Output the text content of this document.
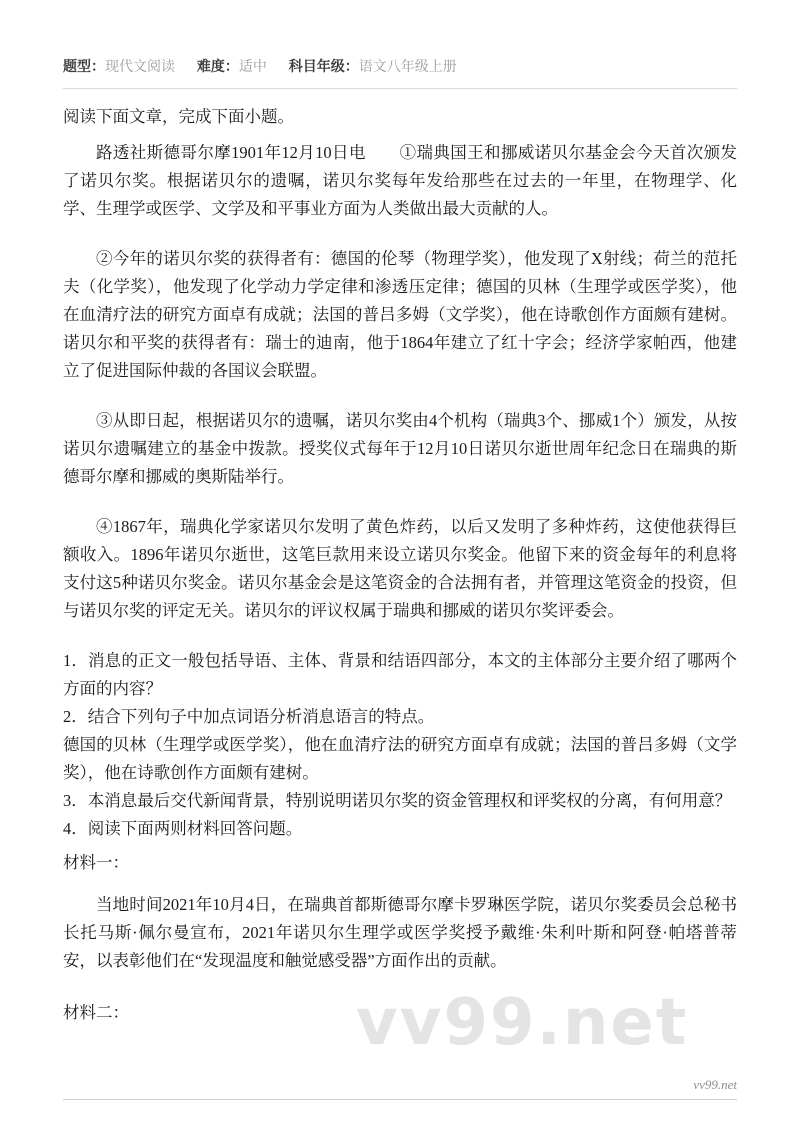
vv99.net
题型：现代文阅读 难度：适中 科目年级：语文八年级上册

阅读下面文章，完成下面小题。

路透社斯德哥尔摩1901年12月10日电　　①瑞典国王和挪威诺贝尔基金会今天首次颁发了诺贝尔奖。根据诺贝尔的遗嘱，诺贝尔奖每年发给那些在过去的一年里，在物理学、化学、生理学或医学、文学及和平事业方面为人类做出最大贡献的人。

②今年的诺贝尔奖的获得者有：德国的伦琴（物理学奖），他发现了X射线；荷兰的范托夫（化学奖），他发现了化学动力学定律和渗透压定律；德国的贝林（生理学或医学奖），他在血清疗法的研究方面卓有成就；法国的普吕多姆（文学奖），他在诗歌创作方面颇有建树。诺贝尔和平奖的获得者有：瑞士的迪南，他于1864年建立了红十字会；经济学家帕西，他建立了促进国际仲裁的各国议会联盟。

③从即日起，根据诺贝尔的遗嘱，诺贝尔奖由4个机构（瑞典3个、挪威1个）颁发，从按诺贝尔遗嘱建立的基金中拨款。授奖仪式每年于12月10日诺贝尔逝世周年纪念日在瑞典的斯德哥尔摩和挪威的奥斯陆举行。

④1867年，瑞典化学家诺贝尔发明了黄色炸药，以后又发明了多种炸药，这使他获得巨额收入。1896年诺贝尔逝世，这笔巨款用来设立诺贝尔奖金。他留下来的资金每年的利息将支付这5种诺贝尔奖金。诺贝尔基金会是这笔资金的合法拥有者，并管理这笔资金的投资，但与诺贝尔奖的评定无关。诺贝尔的评议权属于瑞典和挪威的诺贝尔奖评委会。

1．消息的正文一般包括导语、主体、背景和结语四部分，本文的主体部分主要介绍了哪两个方面的内容？

2．结合下列句子中加点词语分析消息语言的特点。

德国的贝林（生理学或医学奖），他在血清疗法的研究方面卓有成就；法国的普吕多姆（文学奖），他在诗歌创作方面颇有建树。

3．本消息最后交代新闻背景，特别说明诺贝尔奖的资金管理权和评奖权的分离，有何用意？

4．阅读下面两则材料回答问题。

材料一：

当地时间2021年10月4日，在瑞典首都斯德哥尔摩卡罗琳医学院，诺贝尔奖委员会总秘书长托马斯·佩尔曼宣布，2021年诺贝尔生理学或医学奖授予戴维·朱利叶斯和阿登·帕塔普蒂安，以表彰他们在“发现温度和触觉感受器”方面作出的贡献。

材料二：

vv99.net
